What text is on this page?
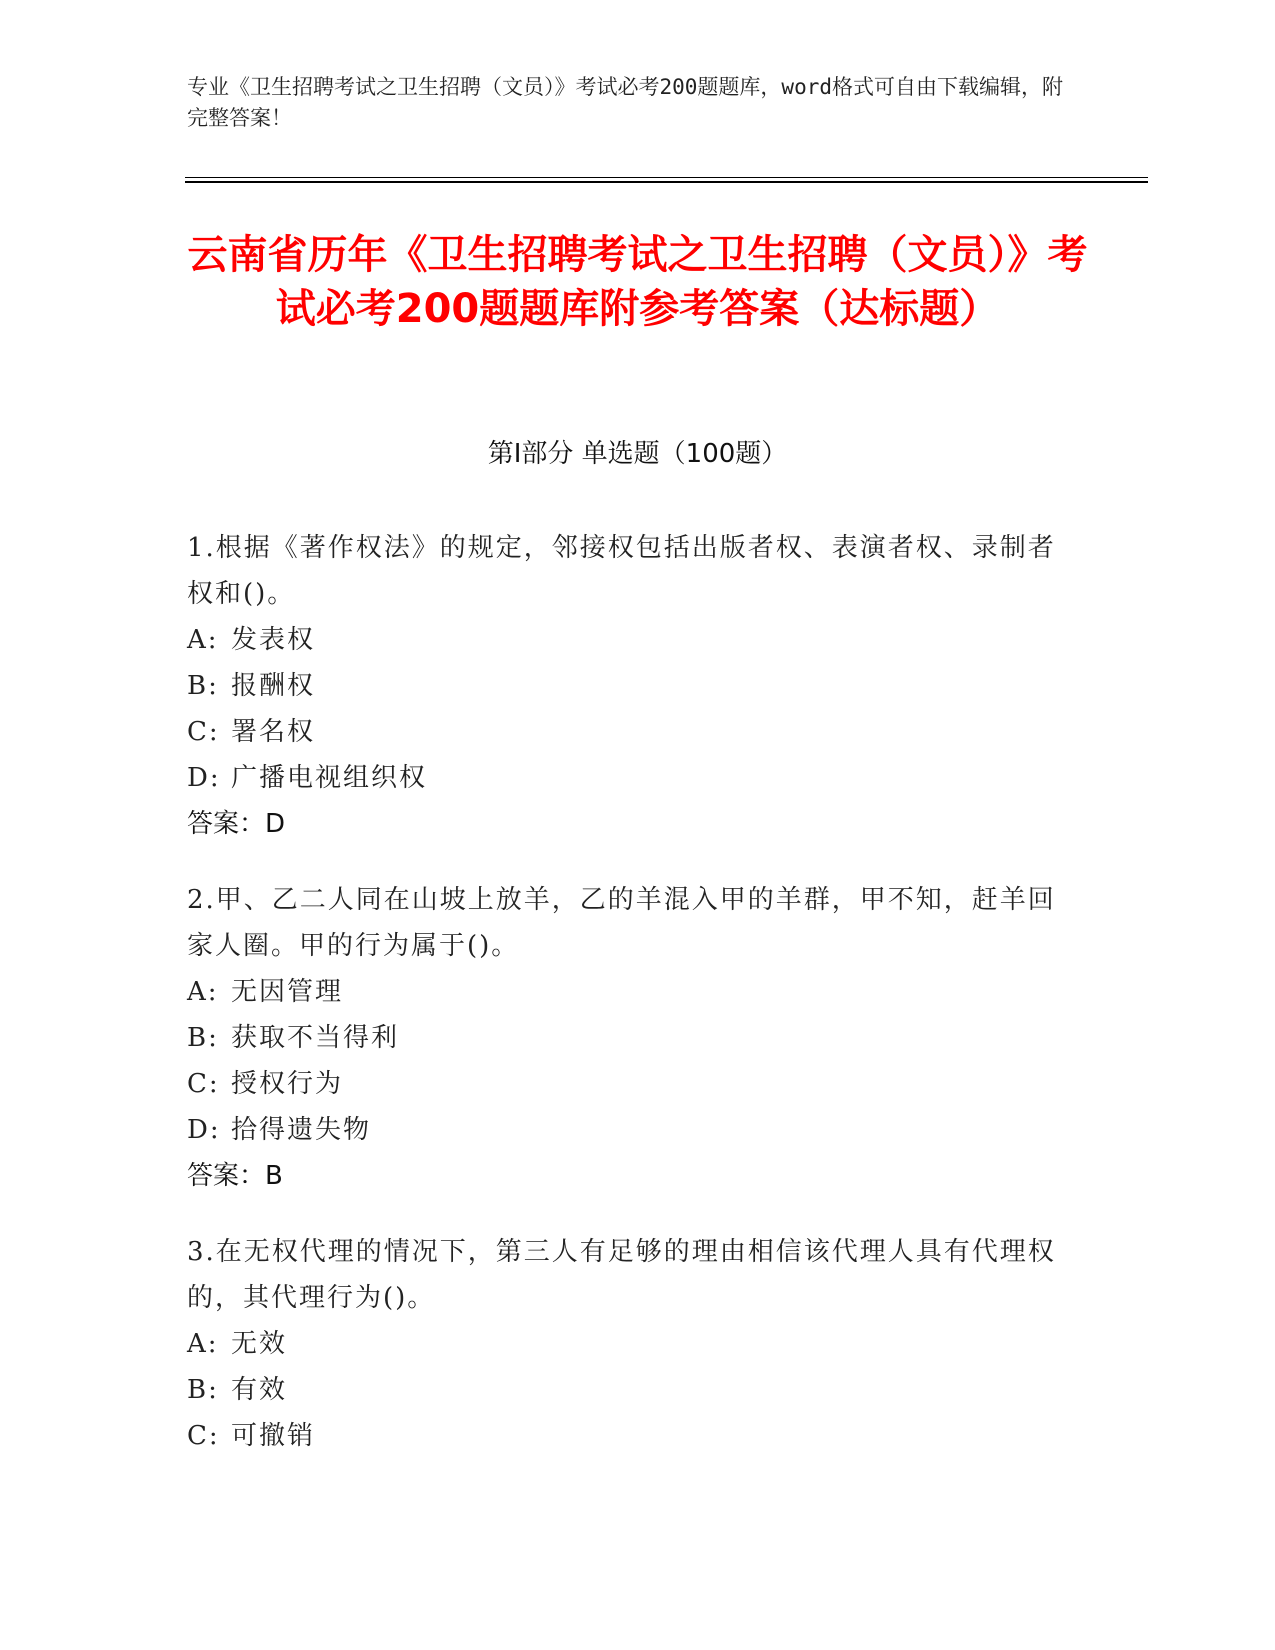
专业《卫生招聘考试之卫生招聘（文员）》考试必考200题题库，word格式可自由下载编辑，附完整答案！
云南省历年《卫生招聘考试之卫生招聘（文员）》考试必考200题题库附参考答案（达标题）
第Ⅰ部分 单选题（100题）

1.根据《著作权法》的规定，邻接权包括出版者权、表演者权、录制者权和()。

A: 发表权
B: 报酬权
C: 署名权
D: 广播电视组织权

答案：D

2.甲、乙二人同在山坡上放羊，乙的羊混入甲的羊群，甲不知，赶羊回家人圈。甲的行为属于()。

A: 无因管理
B: 获取不当得利
C: 授权行为
D: 拾得遗失物

答案：B

3.在无权代理的情况下，第三人有足够的理由相信该代理人具有代理权的，其代理行为()。

A: 无效
B: 有效
C: 可撤销
